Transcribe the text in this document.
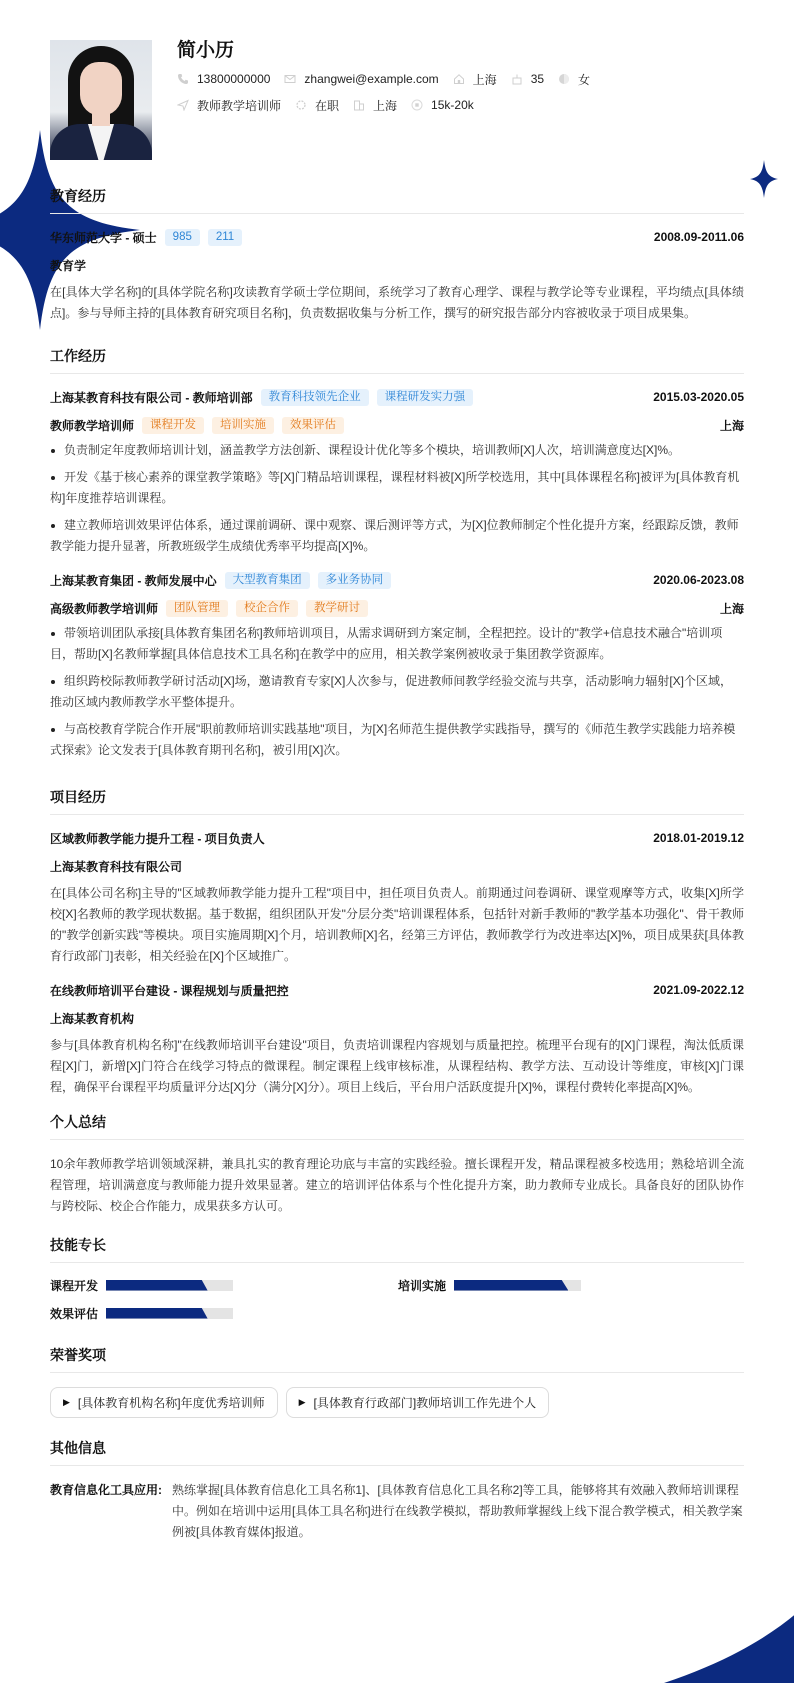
简小历
13800000000	zhangwei@example.com	上海	35	女
教师教学培训师	在职	上海	15k-20k
教育经历
华东师范大学 - 硕士	985	211	2008.09-2011.06
教育学
在[具体大学名称]的[具体学院名称]攻读教育学硕士学位期间，系统学习了教育心理学、课程与教学论等专业课程，平均绩点[具体绩点]。参与导师主持的[具体教育研究项目名称]，负责数据收集与分析工作，撰写的研究报告部分内容被收录于项目成果集。
工作经历
上海某教育科技有限公司 - 教师培训部	教育科技领先企业	课程研发实力强	2015.03-2020.05
教师教学培训师	课程开发	培训实施	效果评估	上海
负责制定年度教师培训计划，涵盖教学方法创新、课程设计优化等多个模块，培训教师[X]人次，培训满意度达[X]%。
开发《基于核心素养的课堂教学策略》等[X]门精品培训课程，课程材料被[X]所学校选用，其中[具体课程名称]被评为[具体教育机构]年度推荐培训课程。
建立教师培训效果评估体系，通过课前调研、课中观察、课后测评等方式，为[X]位教师制定个性化提升方案，经跟踪反馈，教师教学能力提升显著，所教班级学生成绩优秀率平均提高[X]%。
上海某教育集团 - 教师发展中心	大型教育集团	多业务协同	2020.06-2023.08
高级教师教学培训师	团队管理	校企合作	教学研讨	上海
带领培训团队承接[具体教育集团名称]教师培训项目，从需求调研到方案定制，全程把控。设计的"教学+信息技术融合"培训项目，帮助[X]名教师掌握[具体信息技术工具名称]在教学中的应用，相关教学案例被收录于集团教学资源库。
组织跨校际教师教学研讨活动[X]场，邀请教育专家[X]人次参与，促进教师间教学经验交流与共享，活动影响力辐射[X]个区域，推动区域内教师教学水平整体提升。
与高校教育学院合作开展"职前教师培训实践基地"项目，为[X]名师范生提供教学实践指导，撰写的《师范生教学实践能力培养模式探索》论文发表于[具体教育期刊名称]，被引用[X]次。
项目经历
区域教师教学能力提升工程 - 项目负责人	2018.01-2019.12
上海某教育科技有限公司
在[具体公司名称]主导的"区域教师教学能力提升工程"项目中，担任项目负责人。前期通过问卷调研、课堂观摩等方式，收集[X]所学校[X]名教师的教学现状数据。基于数据，组织团队开发"分层分类"培训课程体系，包括针对新手教师的"教学基本功强化"、骨干教师的"教学创新实践"等模块。项目实施周期[X]个月，培训教师[X]名，经第三方评估，教师教学行为改进率达[X]%，项目成果获[具体教育行政部门]表彰，相关经验在[X]个区域推广。
在线教师培训平台建设 - 课程规划与质量把控	2021.09-2022.12
上海某教育机构
参与[具体教育机构名称]"在线教师培训平台建设"项目，负责培训课程内容规划与质量把控。梳理平台现有的[X]门课程，淘汰低质课程[X]门，新增[X]门符合在线学习特点的微课程。制定课程上线审核标准，从课程结构、教学方法、互动设计等维度，审核[X]门课程，确保平台课程平均质量评分达[X]分（满分[X]分）。项目上线后，平台用户活跃度提升[X]%，课程付费转化率提高[X]%。
个人总结
10余年教师教学培训领域深耕，兼具扎实的教育理论功底与丰富的实践经验。擅长课程开发，精品课程被多校选用；熟稔培训全流程管理，培训满意度与教师能力提升效果显著。建立的培训评估体系与个性化提升方案，助力教师专业成长。具备良好的团队协作与跨校际、校企合作能力，成果获多方认可。
技能专长
课程开发	培训实施
效果评估
荣誉奖项
▶ [具体教育机构名称]年度优秀培训师	▶ [具体教育行政部门]教师培训工作先进个人
其他信息
教育信息化工具应用: 熟练掌握[具体教育信息化工具名称1]、[具体教育信息化工具名称2]等工具，能够将其有效融入教师培训课程中。例如在培训中运用[具体工具名称]进行在线教学模拟，帮助教师掌握线上线下混合教学模式，相关教学案例被[具体教育媒体]报道。
